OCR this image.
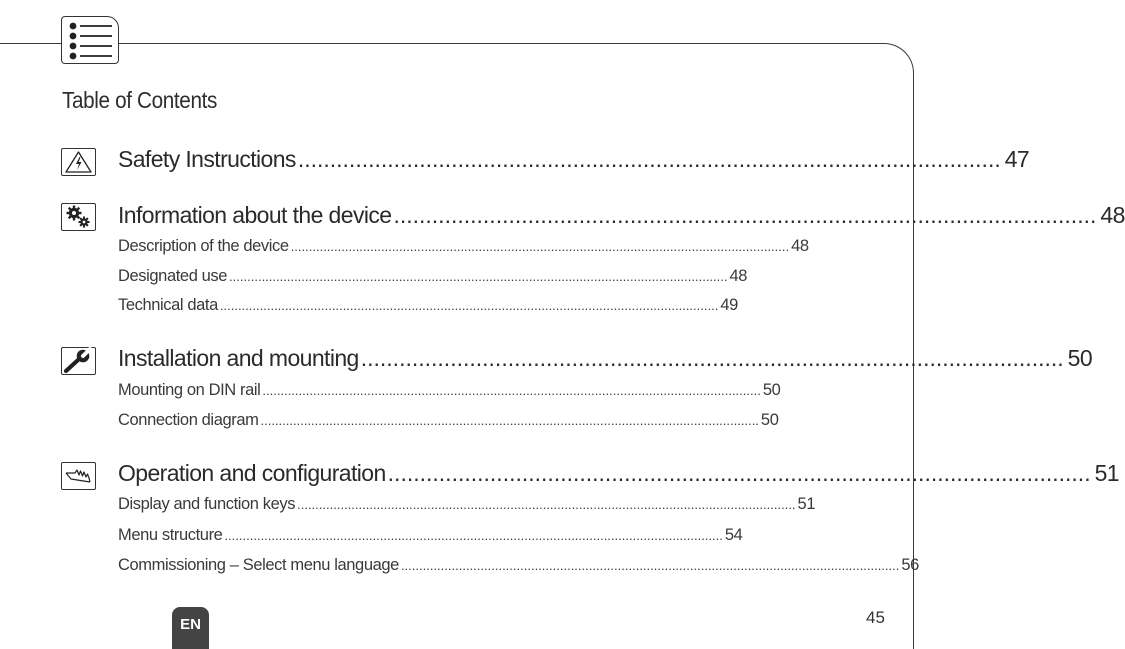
Table of Contents
Safety Instructions .............................................................................................................. 47
Information about the device .............................................................................................................. 48
Description of the device .......................................................................................................................................... 48
Designated use .......................................................................................................................................... 48
Technical data .......................................................................................................................................... 49
Installation and mounting .............................................................................................................. 50
Mounting on DIN rail .......................................................................................................................................... 50
Connection diagram .......................................................................................................................................... 50
Operation and configuration .............................................................................................................. 51
Display and function keys .......................................................................................................................................... 51
Menu structure .......................................................................................................................................... 54
Commissioning – Select menu language .......................................................................................................................................... 56
EN	45
